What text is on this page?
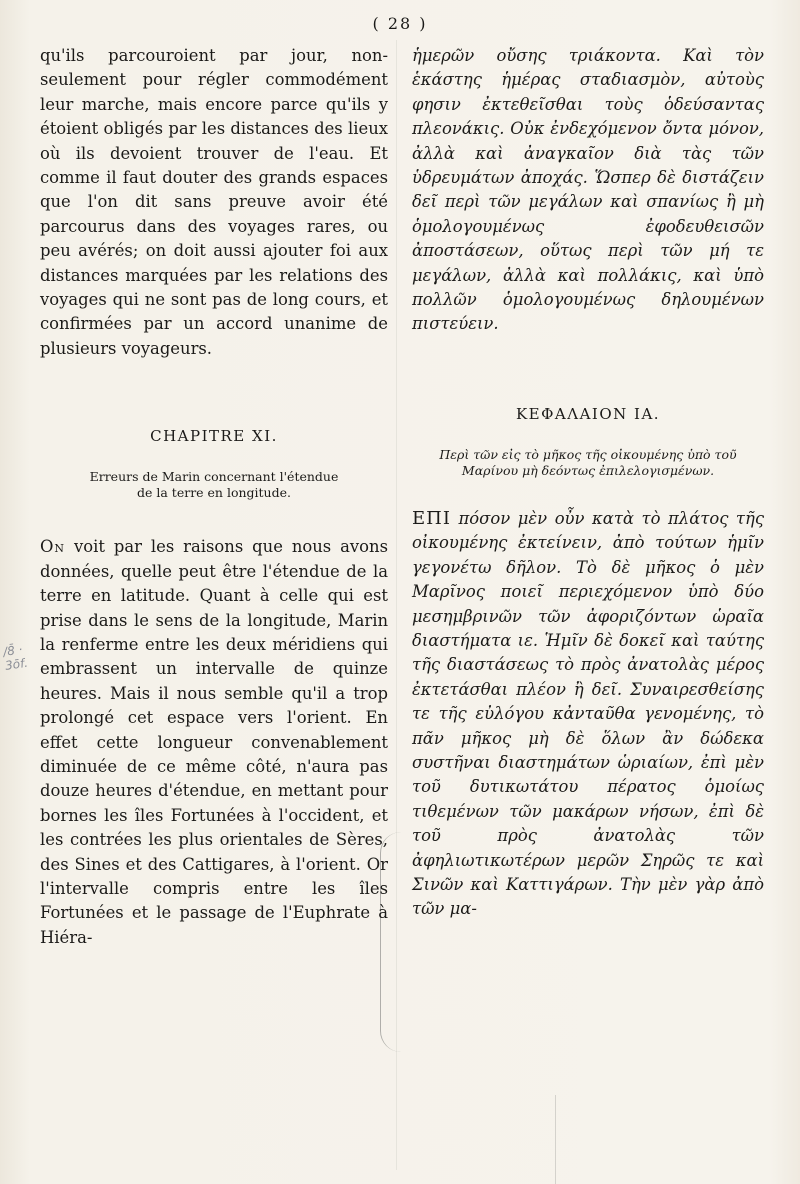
( 28 )
/8̄ · 3ōf.

qu'ils parcouroient par jour, non-seulement pour régler commodément leur marche, mais encore parce qu'ils y étoient obligés par les distances des lieux où ils devoient trouver de l'eau. Et comme il faut douter des grands espaces que l'on dit sans preuve avoir été parcourus dans des voyages rares, ou peu avérés; on doit aussi ajouter foi aux distances marquées par les relations des voyages qui ne sont pas de long cours, et confirmées par un accord unanime de plusieurs voyageurs.

CHAPITRE XI.

Erreurs de Marin concernant l'étendue de la terre en longitude.

On voit par les raisons que nous avons données, quelle peut être l'étendue de la terre en latitude. Quant à celle qui est prise dans le sens de la longitude, Marin la renferme entre les deux méridiens qui embrassent un intervalle de quinze heures. Mais il nous semble qu'il a trop prolongé cet espace vers l'orient. En effet cette longueur convenablement diminuée de ce même côté, n'aura pas douze heures d'étendue, en mettant pour bornes les îles Fortunées à l'occident, et les contrées les plus orientales de Sères, des Sines et des Cattigares, à l'orient. Or l'intervalle compris entre les îles Fortunées et le passage de l'Euphrate à Hiéra-

ἡμερῶν οὔσης τριάκοντα. Καὶ τὸν ἑκάστης ἡμέρας σταδιασμὸν, αὐτοὺς φησιν ἐκτεθεῖσθαι τοὺς ὁδεύσαντας πλεονάκις. Οὐκ ἐνδεχόμενον ὄντα μόνον, ἀλλὰ καὶ ἀναγκαῖον διὰ τὰς τῶν ὑδρευμάτων ἀποχάς. Ὥσπερ δὲ διστάζειν δεῖ περὶ τῶν μεγάλων καὶ σπανίως ἢ μὴ ὁμολογουμένως ἐφοδευθεισῶν ἀποστάσεων, οὕτως περὶ τῶν μή τε μεγάλων, ἀλλὰ καὶ πολλάκις, καὶ ὑπὸ πολλῶν ὁμολογουμένως δηλουμένων πιστεύειν.

ΚΕΦΑΛΑΙΟΝ ΙΑ.

Περὶ τῶν εἰς τὸ μῆκος τῆς οἰκουμένης ὑπὸ τοῦ Μαρίνου μὴ δεόντως ἐπιλελογισμένων.

ΕΠΙ πόσον μὲν οὖν κατὰ τὸ πλάτος τῆς οἰκουμένης ἐκτείνειν, ἀπὸ τούτων ἡμῖν γεγονέτω δῆλον. Τὸ δὲ μῆκος ὁ μὲν Μαρῖνος ποιεῖ περιεχόμενον ὑπὸ δύο μεσημβρινῶν τῶν ἀφοριζόντων ὡραῖα διαστήματα ιε. Ἡμῖν δὲ δοκεῖ καὶ ταύτης τῆς διαστάσεως τὸ πρὸς ἀνατολὰς μέρος ἐκτετάσθαι πλέον ἢ δεῖ. Συναιρεσθείσης τε τῆς εὐλόγου κἀνταῦθα γενομένης, τὸ πᾶν μῆκος μὴ δὲ ὅλων ἂν δώδεκα συστῆναι διαστημάτων ὡριαίων, ἐπὶ μὲν τοῦ δυτικωτάτου πέρατος ὁμοίως τιθεμένων τῶν μακάρων νήσων, ἐπὶ δὲ τοῦ πρὸς ἀνατολὰς τῶν ἀφηλιωτικωτέρων μερῶν Σηρῶς τε καὶ Σινῶν καὶ Καττιγάρων. Τὴν μὲν γὰρ ἀπὸ τῶν μα-
